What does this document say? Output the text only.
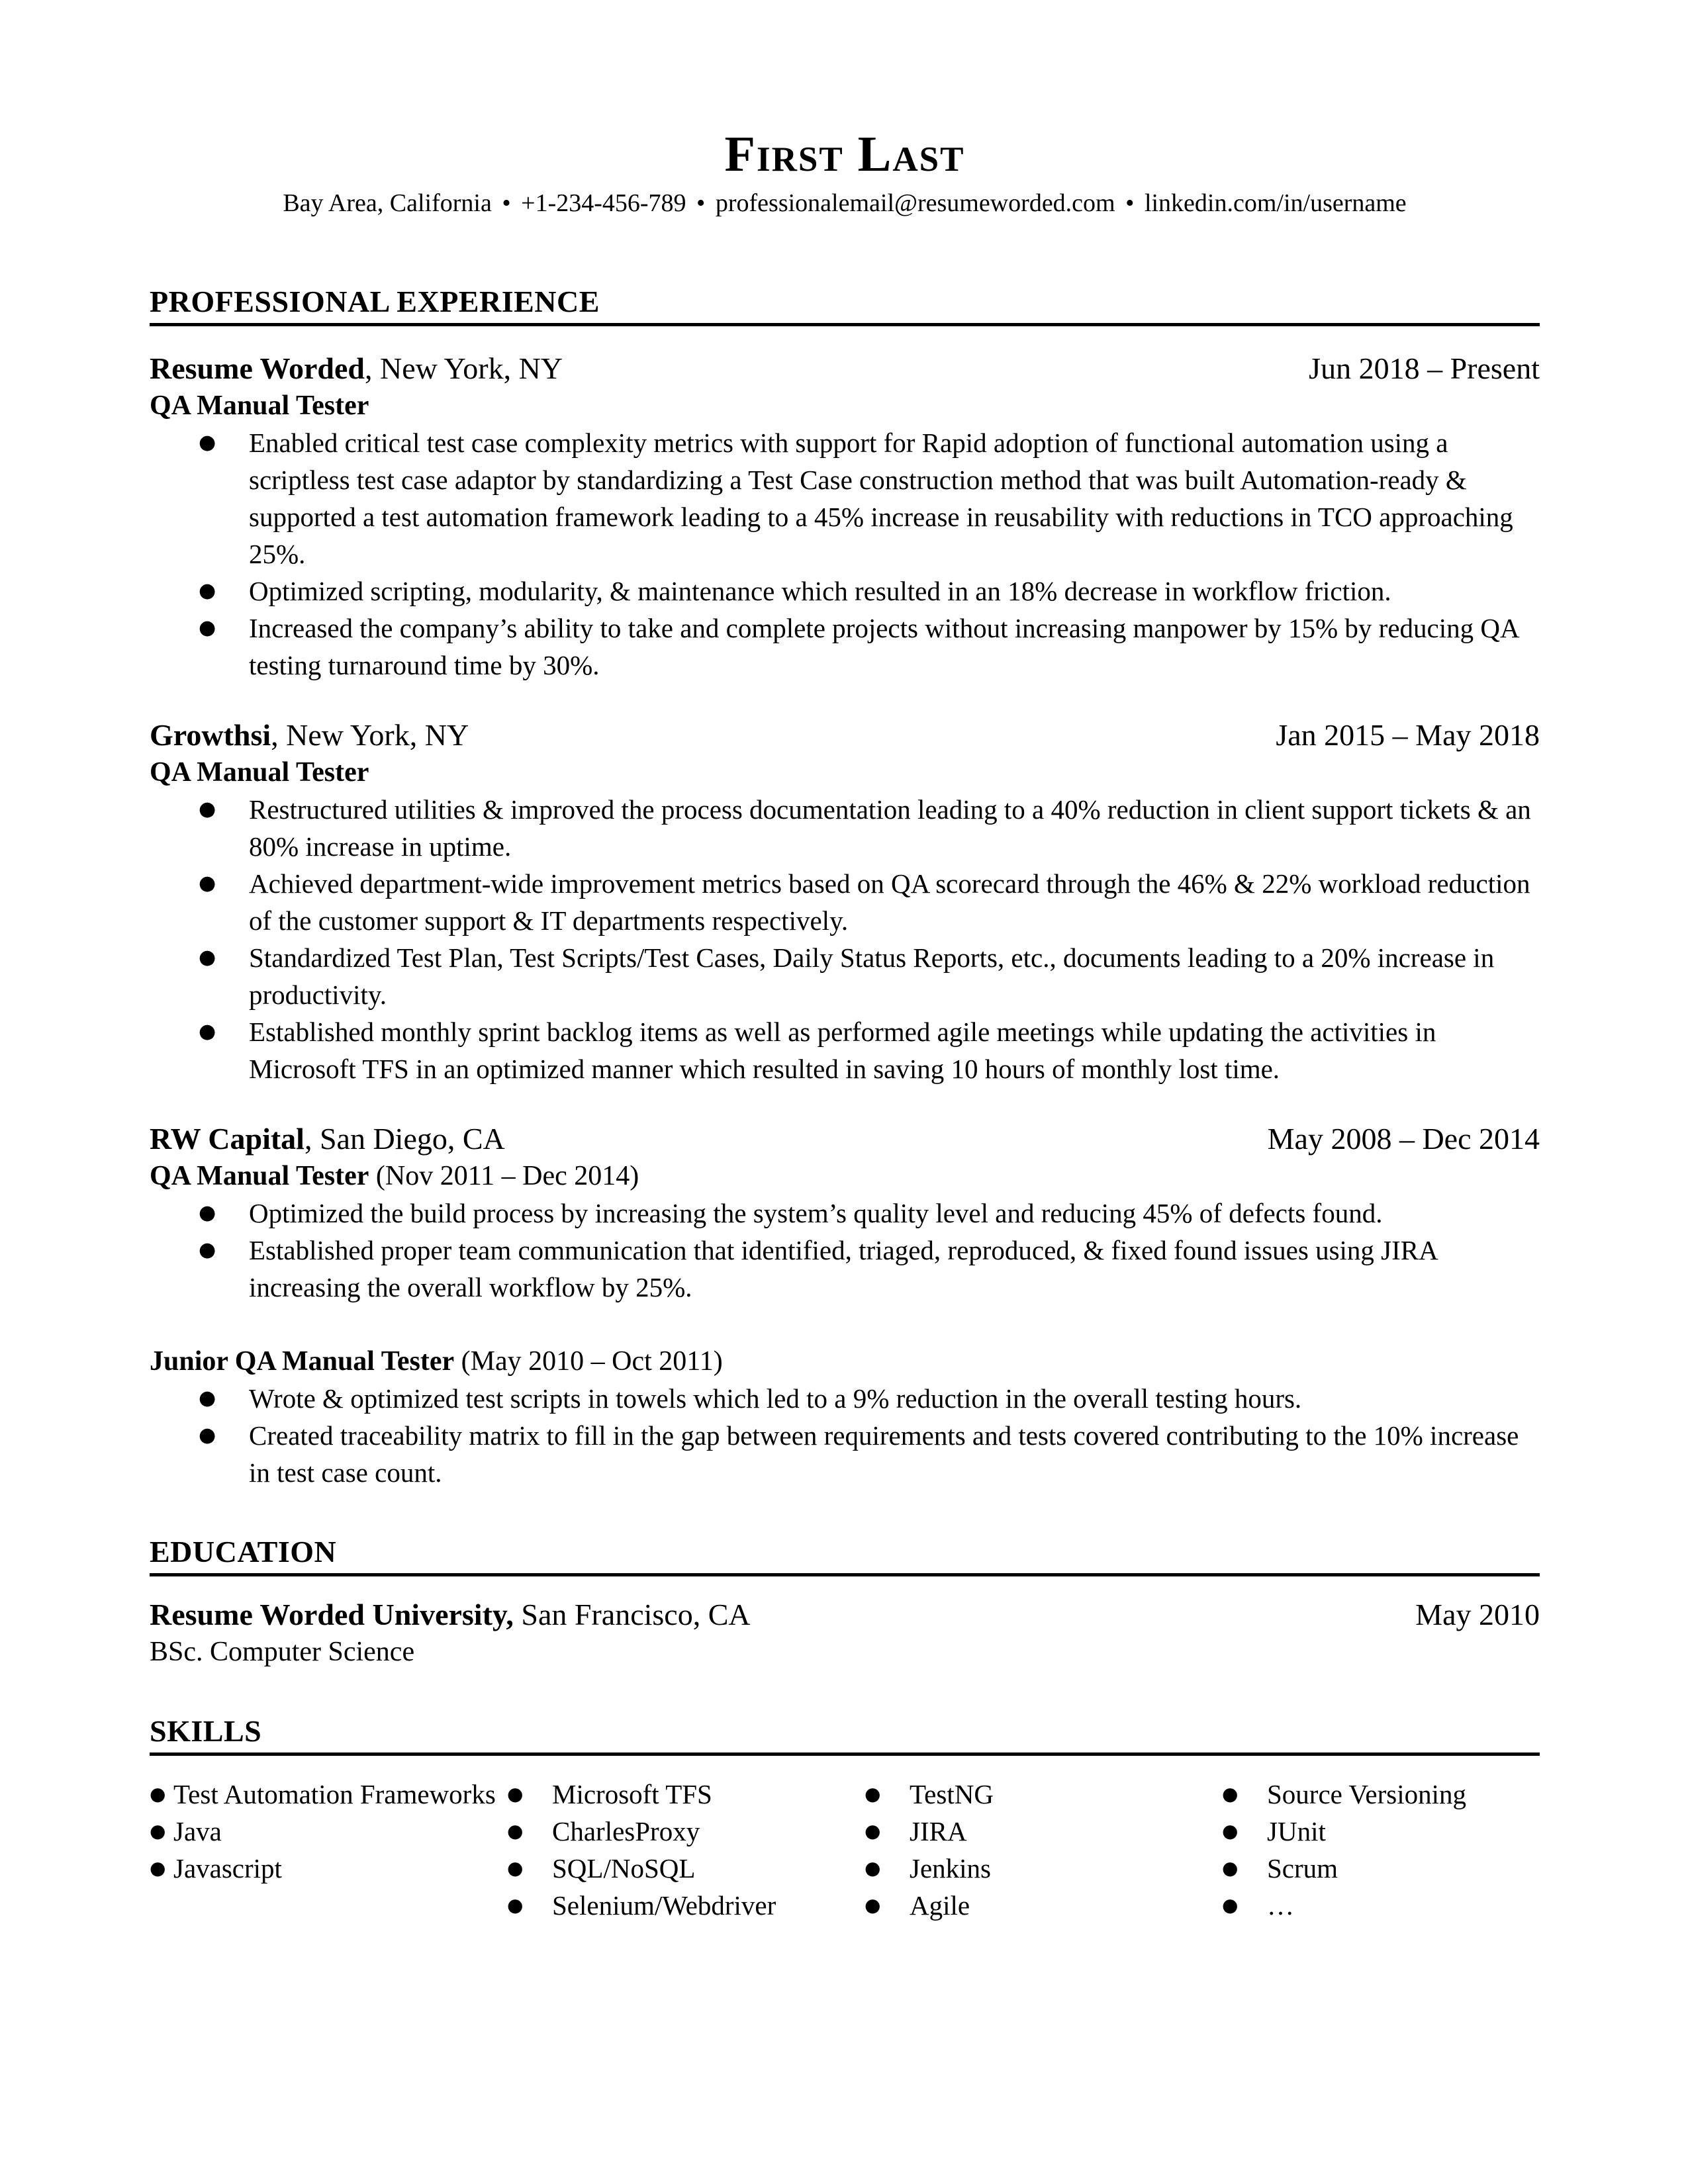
First Last
Bay Area, California • +1-234-456-789 • professionalemail@resumeworded.com • linkedin.com/in/username
PROFESSIONAL EXPERIENCE
Resume Worded, New York, NY	Jun 2018 – Present
QA Manual Tester
● Enabled critical test case complexity metrics with support for Rapid adoption of functional automation using a scriptless test case adaptor by standardizing a Test Case construction method that was built Automation-ready & supported a test automation framework leading to a 45% increase in reusability with reductions in TCO approaching 25%.
● Optimized scripting, modularity, & maintenance which resulted in an 18% decrease in workflow friction.
● Increased the company’s ability to take and complete projects without increasing manpower by 15% by reducing QA testing turnaround time by 30%.
Growthsi, New York, NY	Jan 2015 – May 2018
QA Manual Tester
● Restructured utilities & improved the process documentation leading to a 40% reduction in client support tickets & an 80% increase in uptime.
● Achieved department-wide improvement metrics based on QA scorecard through the 46% & 22% workload reduction of the customer support & IT departments respectively.
● Standardized Test Plan, Test Scripts/Test Cases, Daily Status Reports, etc., documents leading to a 20% increase in productivity.
● Established monthly sprint backlog items as well as performed agile meetings while updating the activities in Microsoft TFS in an optimized manner which resulted in saving 10 hours of monthly lost time.
RW Capital, San Diego, CA	May 2008 – Dec 2014
QA Manual Tester (Nov 2011 – Dec 2014)
● Optimized the build process by increasing the system’s quality level and reducing 45% of defects found.
● Established proper team communication that identified, triaged, reproduced, & fixed found issues using JIRA increasing the overall workflow by 25%.
Junior QA Manual Tester (May 2010 – Oct 2011)
● Wrote & optimized test scripts in towels which led to a 9% reduction in the overall testing hours.
● Created traceability matrix to fill in the gap between requirements and tests covered contributing to the 10% increase in test case count.
EDUCATION
Resume Worded University, San Francisco, CA	May 2010
BSc. Computer Science
SKILLS
● Test Automation Frameworks
● Java
● Javascript
● Microsoft TFS
● CharlesProxy
● SQL/NoSQL
● Selenium/Webdriver
● TestNG
● JIRA
● Jenkins
● Agile
● Source Versioning
● JUnit
● Scrum
● …
